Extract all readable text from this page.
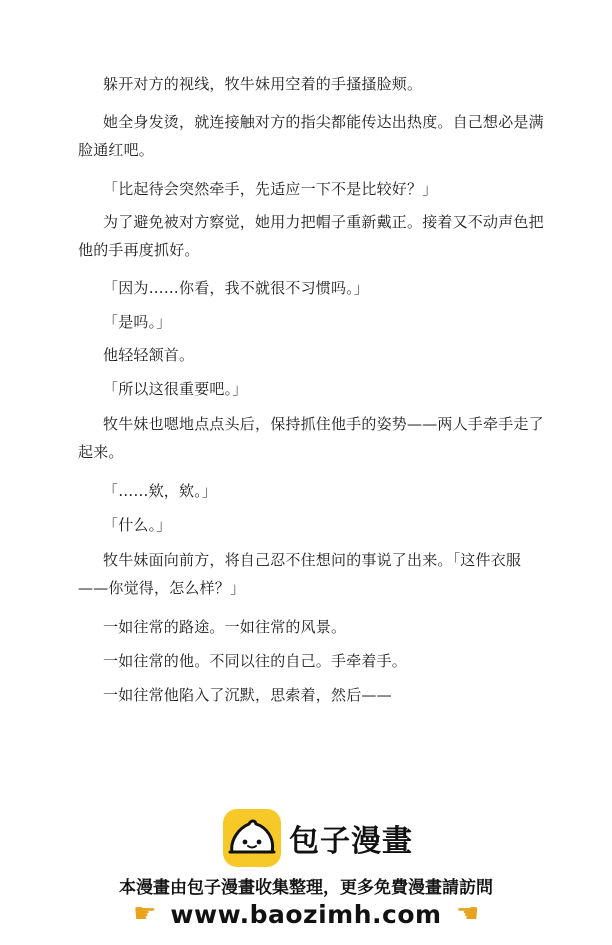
躲开对方的视线，牧牛妹用空着的手搔搔脸颊。

她全身发烫，就连接触对方的指尖都能传达出热度。自己想必是满
脸通红吧。

「比起待会突然牵手，先适应一下不是比较好？」

为了避免被对方察觉，她用力把帽子重新戴正。接着又不动声色把
他的手再度抓好。

「因为……你看，我不就很不习惯吗。」

「是吗。」

他轻轻颔首。

「所以这很重要吧。」

牧牛妹也嗯地点点头后，保持抓住他手的姿势——两人手牵手走了
起来。

「……欸，欸。」

「什么。」

牧牛妹面向前方，将自己忍不住想问的事说了出来。「这件衣服
——你觉得，怎么样？」

一如往常的路途。一如往常的风景。

一如往常的他。不同以往的自己。手牵着手。

一如往常他陷入了沉默，思索着，然后——

包子漫畫
本漫畫由包子漫畫收集整理，更多免費漫畫請訪問
☛ www.baozimh.com ☛
